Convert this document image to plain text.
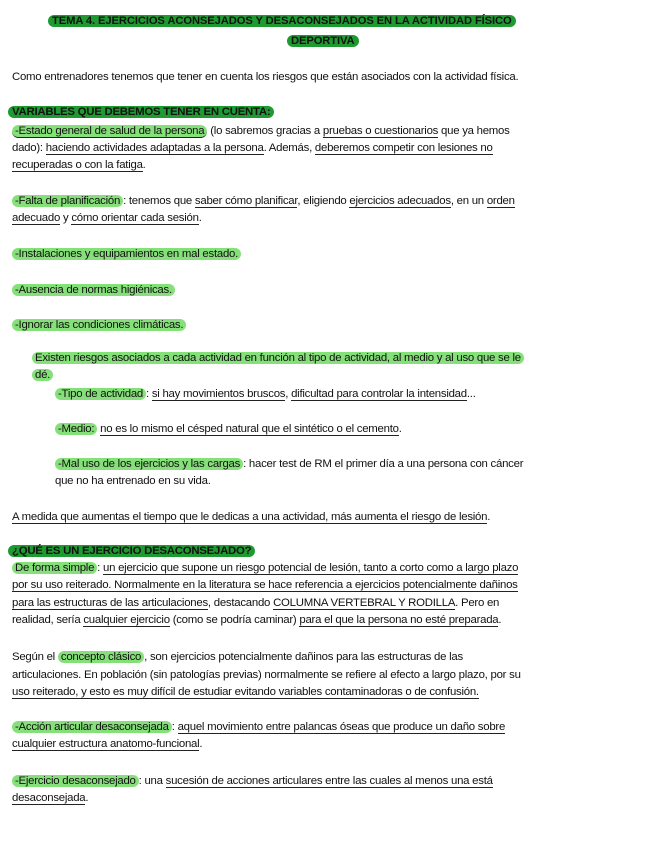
TEMA 4. EJERCICIOS ACONSEJADOS Y DESACONSEJADOS EN LA ACTIVIDAD FÍSICO
DEPORTIVA
Como entrenadores tenemos que tener en cuenta los riesgos que están asociados con la actividad física.
VARIABLES QUE DEBEMOS TENER EN CUENTA:
-Estado general de salud de la persona (lo sabremos gracias a pruebas o cuestionarios que ya hemos
dado): haciendo actividades adaptadas a la persona. Además, deberemos competir con lesiones no
recuperadas o con la fatiga.
-Falta de planificación : tenemos que saber cómo planificar, eligiendo ejercicios adecuados, en un orden
adecuado y cómo orientar cada sesión.
-Instalaciones y equipamientos en mal estado.
-Ausencia de normas higiénicas.
-Ignorar las condiciones climáticas.
Existen riesgos asociados a cada actividad en función al tipo de actividad, al medio y al uso que se le
dé.
-Tipo de actividad : si hay movimientos bruscos, dificultad para controlar la intensidad...
-Medio: no es lo mismo el césped natural que el sintético o el cemento.
-Mal uso de los ejercicios y las cargas : hacer test de RM el primer día a una persona con cáncer
que no ha entrenado en su vida.
A medida que aumentas el tiempo que le dedicas a una actividad, más aumenta el riesgo de lesión.
¿QUÉ ES UN EJERCICIO DESACONSEJADO?
De forma simple : un ejercicio que supone un riesgo potencial de lesión, tanto a corto como a largo plazo
por su uso reiterado. Normalmente en la literatura se hace referencia a ejercicios potencialmente dañinos
para las estructuras de las articulaciones, destacando COLUMNA VERTEBRAL Y RODILLA. Pero en
realidad, sería cualquier ejercicio (como se podría caminar) para el que la persona no esté preparada.
Según el concepto clásico , son ejercicios potencialmente dañinos para las estructuras de las
articulaciones. En población (sin patologías previas) normalmente se refiere al efecto a largo plazo, por su
uso reiterado, y esto es muy difícil de estudiar evitando variables contaminadoras o de confusión.
-Acción articular desaconsejada : aquel movimiento entre palancas óseas que produce un daño sobre
cualquier estructura anatomo-funcional.
-Ejercicio desaconsejado : una sucesión de acciones articulares entre las cuales al menos una está
desaconsejada.
